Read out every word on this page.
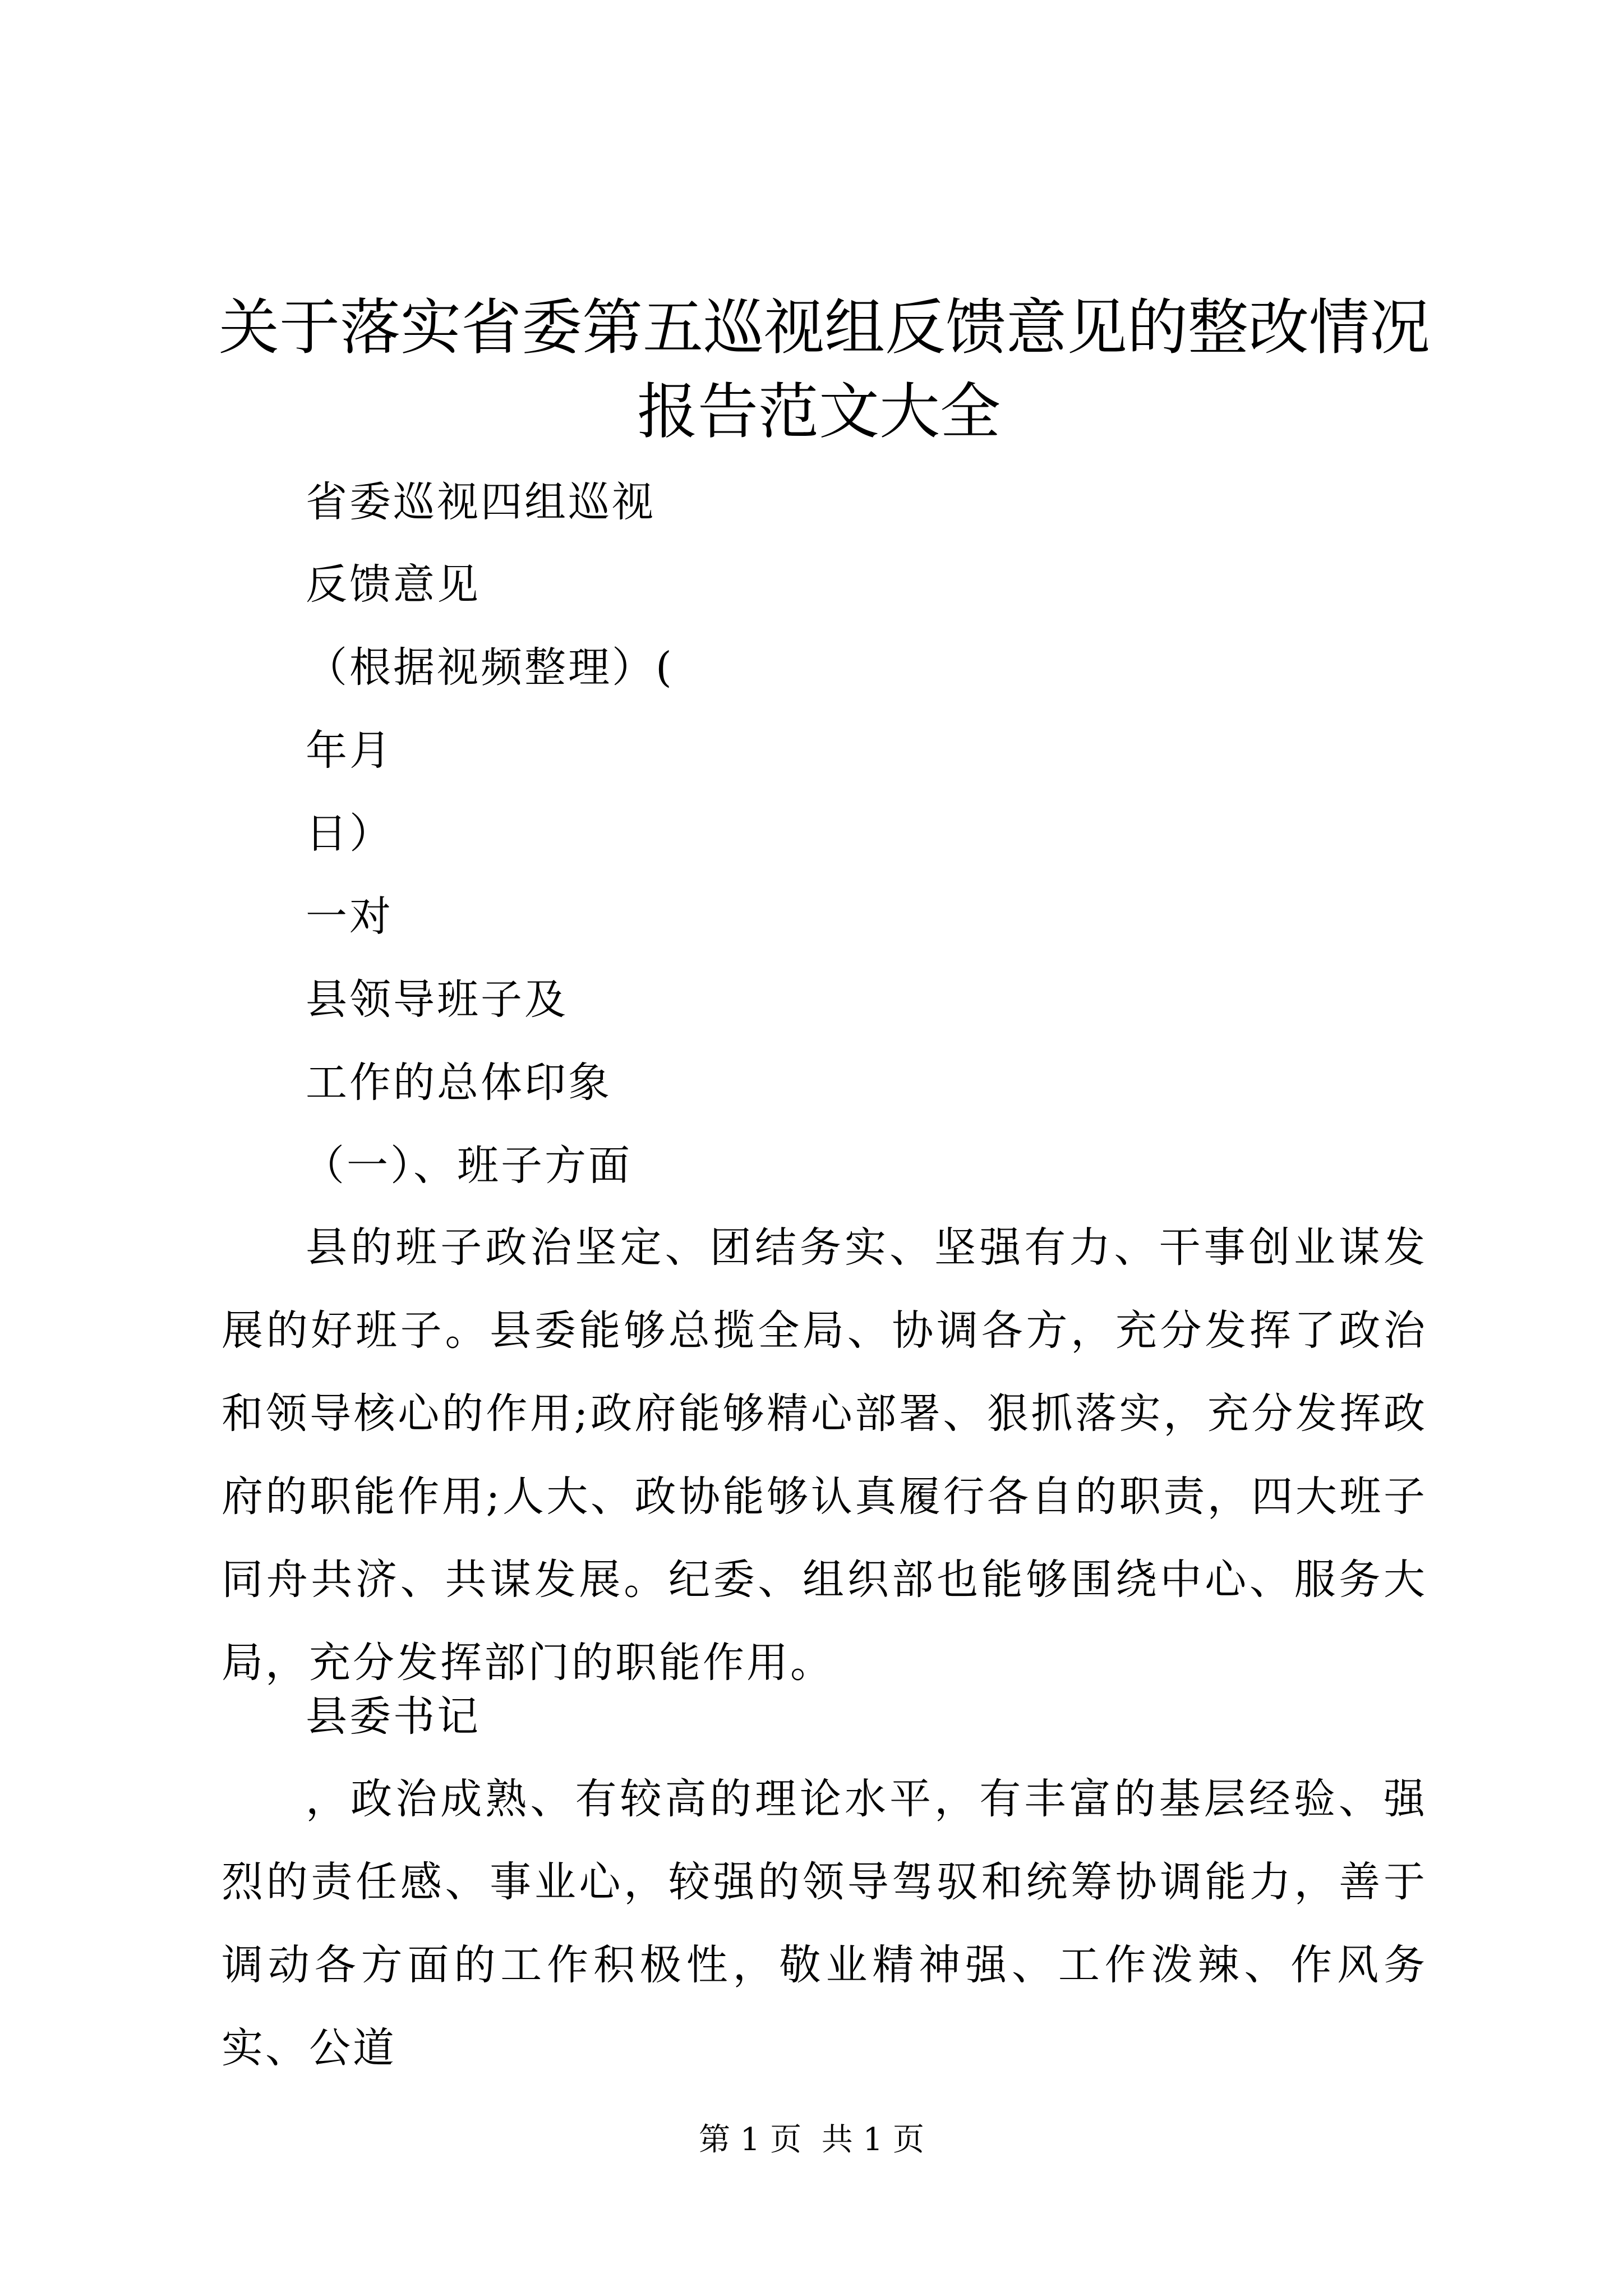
关于落实省委第五巡视组反馈意见的整改情况
报告范文大全
省委巡视四组巡视
反馈意见
（根据视频整理）(
年月
日）
一对
县领导班子及
工作的总体印象
（一）、班子方面

县的班子政治坚定、团结务实、坚强有力、干事创业谋发展的好班子。县委能够总揽全局、协调各方，充分发挥了政治和领导核心的作用;政府能够精心部署、狠抓落实，充分发挥政府的职能作用;人大、政协能够认真履行各自的职责，四大班子同舟共济、共谋发展。纪委、组织部也能够围绕中心、服务大局，充分发挥部门的职能作用。

县委书记

，政治成熟、有较高的理论水平，有丰富的基层经验、强烈的责任感、事业心，较强的领导驾驭和统筹协调能力，善于调动各方面的工作积极性，敬业精神强、工作泼辣、作风务实、公道

第 1 页  共 1 页
